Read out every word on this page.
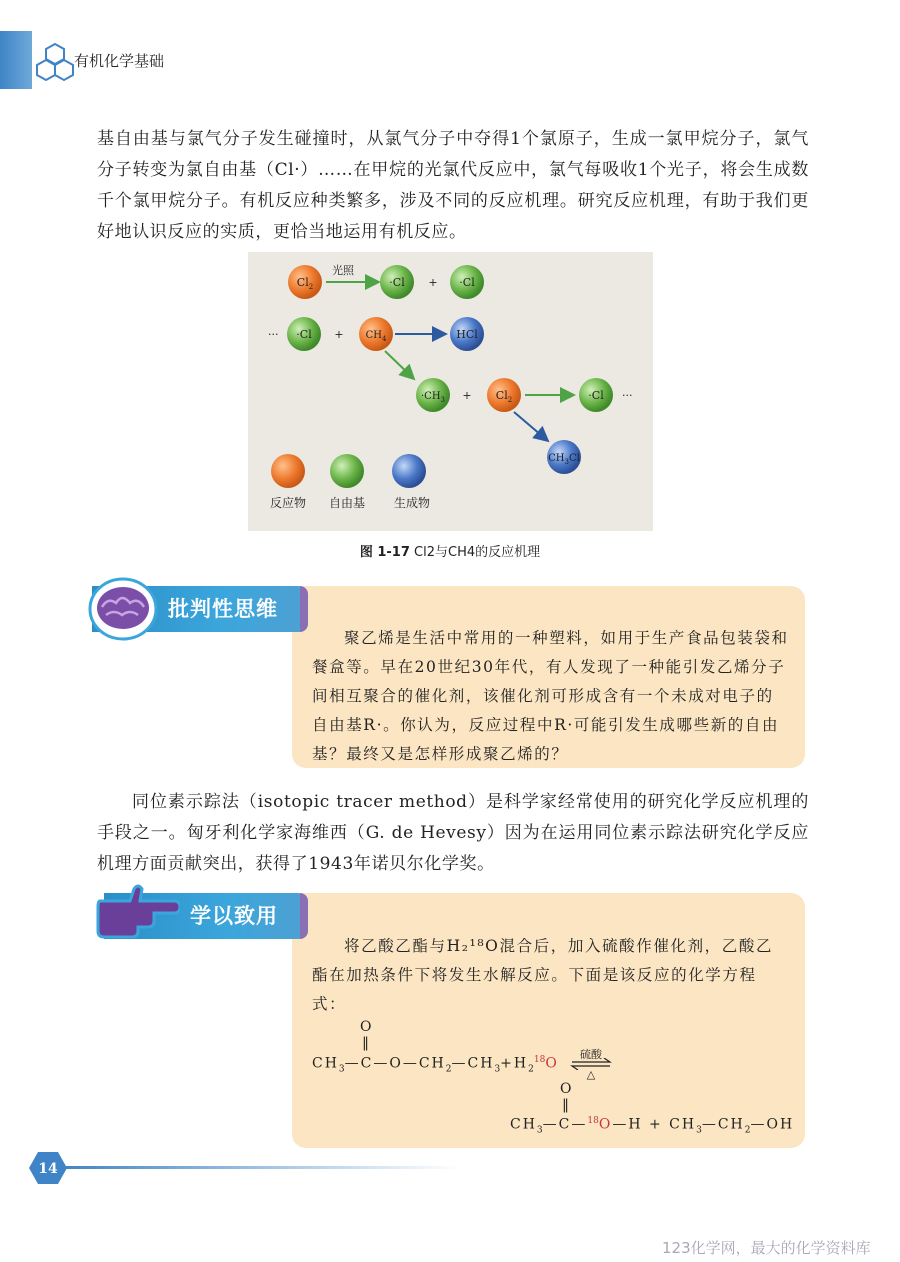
有机化学基础

基自由基与氯气分子发生碰撞时，从氯气分子中夺得1个氯原子，生成一氯甲烷分子，氯气分子转变为氯自由基（Cl·）……在甲烷的光氯代反应中，氯气每吸收1个光子，将会生成数千个氯甲烷分子。有机反应种类繁多，涉及不同的反应机理。研究反应机理，有助于我们更好地认识反应的实质，更恰当地运用有机反应。

$Cl_2$
光照
·Cl + ·Cl
··· $\cdot Cl + CH_4$	HCl
$\cdot CH_3 + Cl_2$	·Cl ···
$CH_3Cl$
反应物 自由基 生成物
图 1-17 Cl2与CH4的反应机理
批判性思维
聚乙烯是生活中常用的一种塑料，如用于生产食品包装袋和餐盒等。早在20世纪30年代，有人发现了一种能引发乙烯分子间相互聚合的催化剂，该催化剂可形成含有一个未成对电子的自由基R·。你认为，反应过程中R·可能引发生成哪些新的自由基？最终又是怎样形成聚乙烯的？

同位素示踪法（isotopic tracer method）是科学家经常使用的研究化学反应机理的手段之一。匈牙利化学家海维西（G. de Hevesy）因为在运用同位素示踪法研究化学反应机理方面贡献突出，获得了1943年诺贝尔化学奖。

学以致用
将乙酸乙酯与H₂¹⁸O混合后，加入硫酸作催化剂，乙酸乙酯在加热条件下将发生水解反应。下面是该反应的化学方程式：
O
‖
$CH_3—C—O—CH_2—CH_3+H_2^{18}O$
硫酸
△
O
‖
$CH_3—C—^{18}O—H$ + $CH_3—CH_2—OH$
14
123化学网，最大的化学资料库
